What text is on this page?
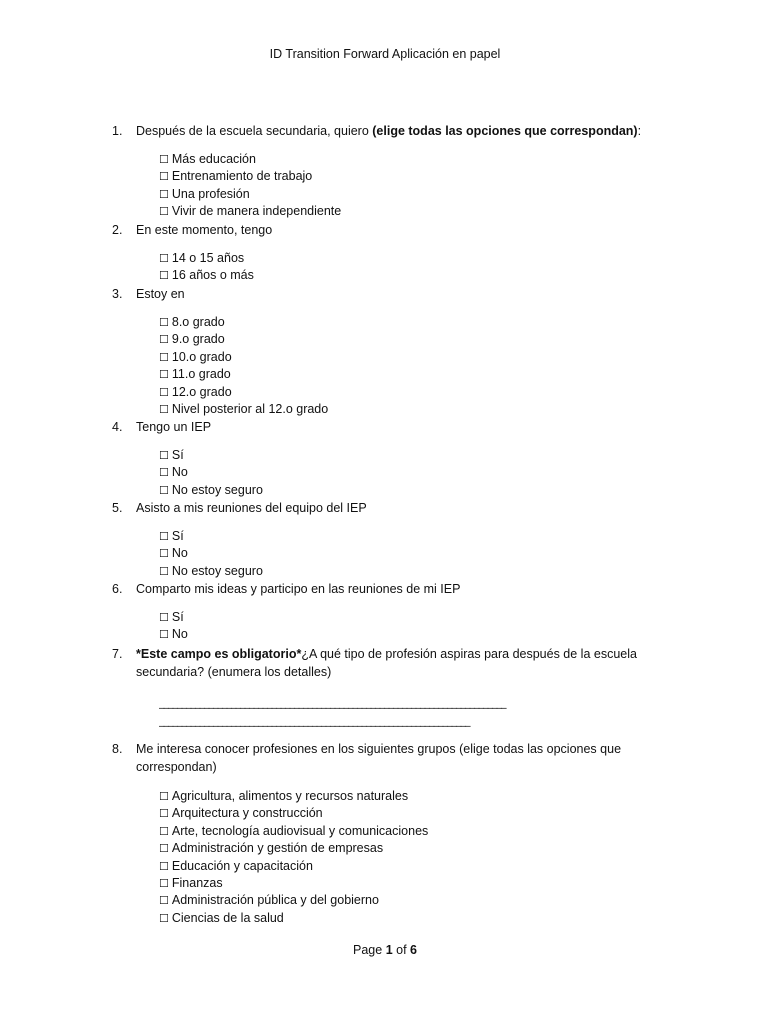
ID Transition Forward Aplicación en papel
1. Después de la escuela secundaria, quiero (elige todas las opciones que correspondan):
☐ Más educación
☐ Entrenamiento de trabajo
☐ Una profesión
☐ Vivir de manera independiente
2. En este momento, tengo
☐ 14 o 15 años
☐ 16 años o más
3. Estoy en
☐ 8.o grado
☐ 9.o grado
☐ 10.o grado
☐ 11.o grado
☐ 12.o grado
☐ Nivel posterior al 12.o grado
4. Tengo un IEP
☐ Sí
☐ No
☐ No estoy seguro
5. Asisto a mis reuniones del equipo del IEP
☐ Sí
☐ No
☐ No estoy seguro
6. Comparto mis ideas y participo en las reuniones de mi IEP
☐ Sí
☐ No
7. *Este campo es obligatorio*¿A qué tipo de profesión aspiras para después de la escuela secundaria? (enumera los detalles)
_____________________________________________________________________________
_____________________________________________________________________
8. Me interesa conocer profesiones en los siguientes grupos (elige todas las opciones que correspondan)
☐ Agricultura, alimentos y recursos naturales
☐ Arquitectura y construcción
☐ Arte, tecnología audiovisual y comunicaciones
☐ Administración y gestión de empresas
☐ Educación y capacitación
☐ Finanzas
☐ Administración pública y del gobierno
☐ Ciencias de la salud
Page 1 of 6
